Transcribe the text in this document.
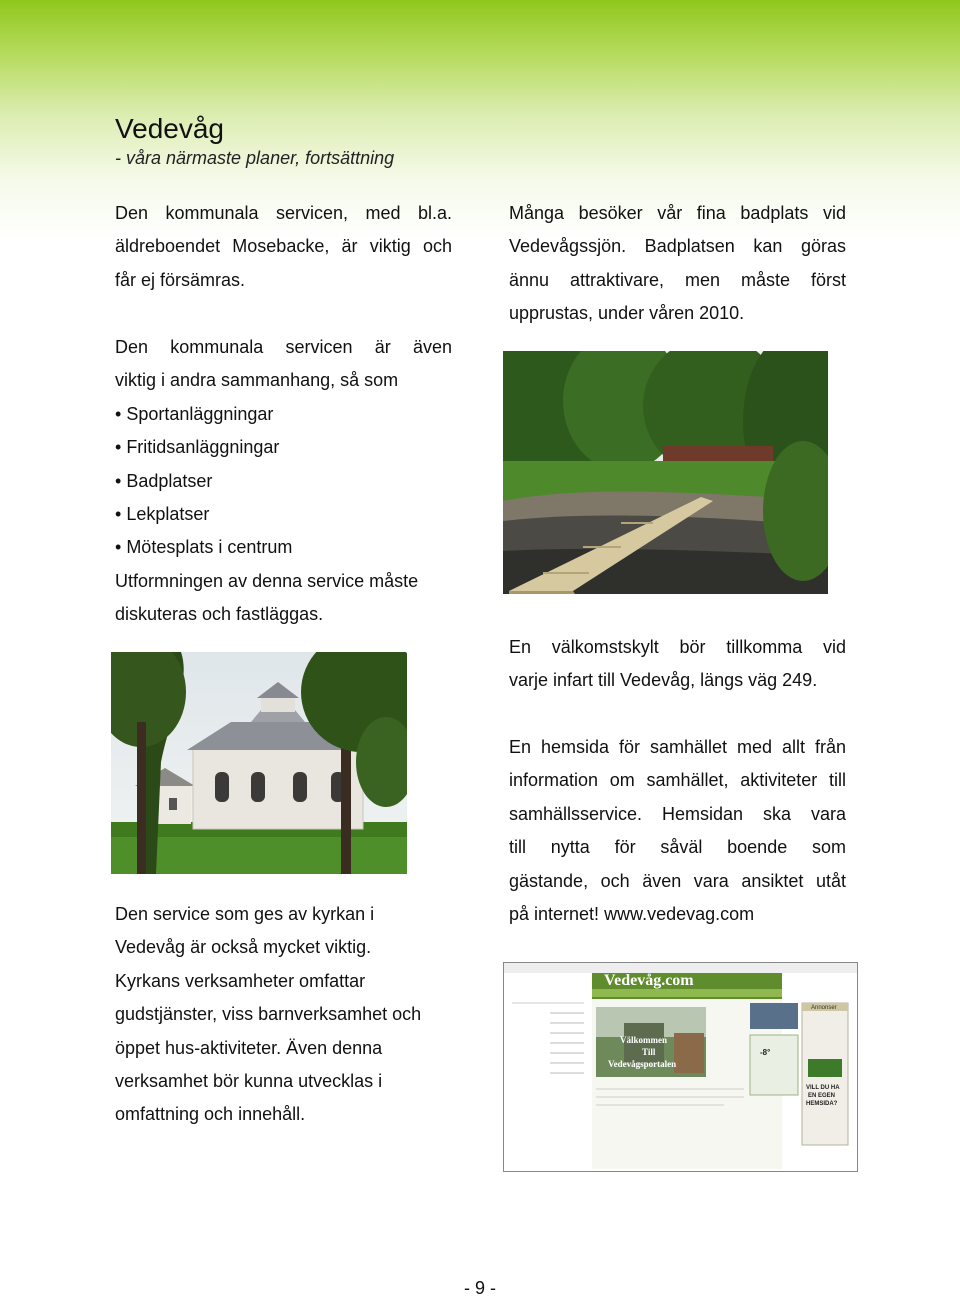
Vedevåg
- våra närmaste planer, fortsättning
Den kommunala servicen, med bl.a.
äldreboendet Mosebacke, är viktig och
får ej försämras.
Den kommunala servicen är även
viktig i andra sammanhang, så som
• Sportanläggningar
• Fritidsanläggningar
• Badplatser
• Lekplatser
• Mötesplats i centrum
Utformningen av denna service måste
diskuteras och fastläggas.
Den service som ges av kyrkan i
Vedevåg är också mycket viktig.
Kyrkans verksamheter omfattar
gudstjänster, viss barnverksamhet och
öppet hus-aktiviteter. Även denna
verksamhet bör kunna utvecklas i
omfattning och innehåll.
Många besöker vår fina badplats vid
Vedevågssjön. Badplatsen kan göras
ännu attraktivare, men måste först
upprustas, under våren 2010.
En välkomstskylt bör tillkomma vid
varje infart till Vedevåg, längs väg 249.
En hemsida för samhället med allt från
information om samhället, aktiviteter till
samhällsservice. Hemsidan ska vara
till nytta för såväl boende som
gästande, och även vara ansiktet utåt
på internet! www.vedevag.com
Vedevåg.com
Välkommen
Till
Vedevågsportalen
Annonser
VILL DU HA
EN EGEN
HEMSIDA?
-8°
- 9 -
